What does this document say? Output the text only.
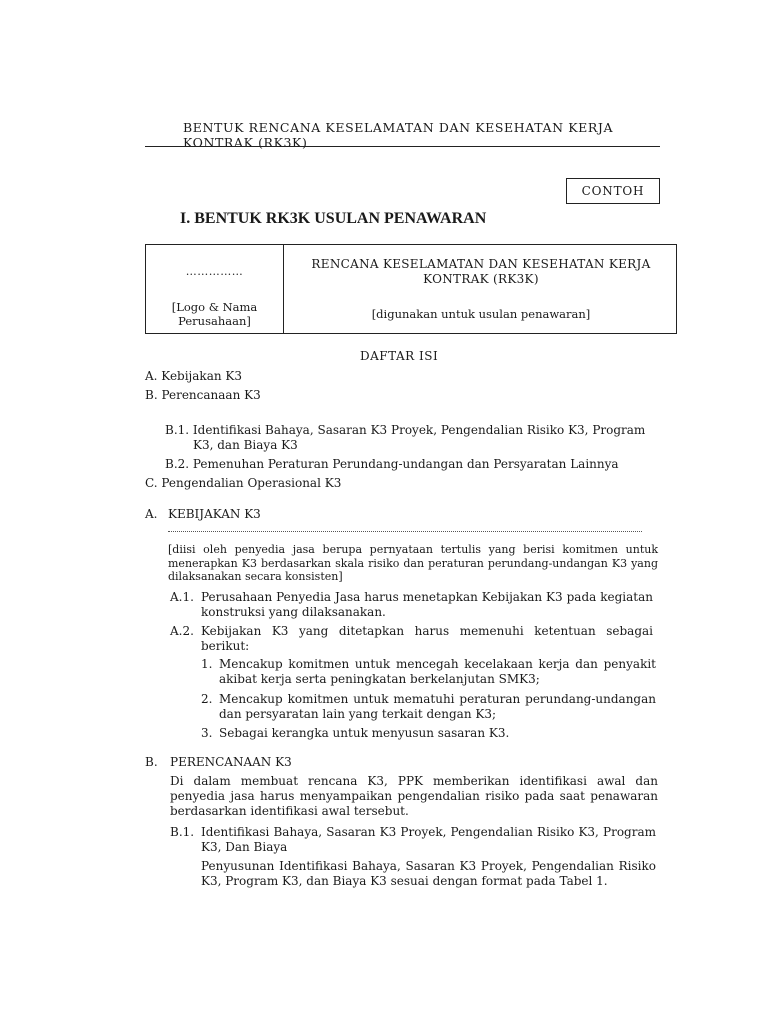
BENTUK RENCANA KESELAMATAN DAN KESEHATAN KERJA KONTRAK (RK3K)
CONTOH
I. BENTUK RK3K USULAN PENAWARAN
……………
[Logo & Nama
Perusahaan]
RENCANA KESELAMATAN DAN KESEHATAN KERJA KONTRAK (RK3K)
[digunakan untuk usulan penawaran]
DAFTAR ISI
A. Kebijakan K3
B. Perencanaan K3
B.1. Identifikasi Bahaya, Sasaran K3 Proyek, Pengendalian Risiko K3, Program
K3, dan Biaya K3
B.2. Pemenuhan Peraturan Perundang-undangan dan Persyaratan Lainnya
C. Pengendalian Operasional K3
A. KEBIJAKAN K3
[diisi oleh penyedia jasa berupa pernyataan tertulis yang berisi komitmen untuk menerapkan K3 berdasarkan skala risiko dan peraturan perundang-undangan K3 yang dilaksanakan secara konsisten]
A.1. Perusahaan Penyedia Jasa harus menetapkan Kebijakan K3 pada kegiatan konstruksi yang dilaksanakan.
A.2. Kebijakan K3 yang ditetapkan harus memenuhi ketentuan sebagai berikut:
1. Mencakup komitmen untuk mencegah kecelakaan kerja dan penyakit akibat kerja serta peningkatan berkelanjutan SMK3;
2. Mencakup komitmen untuk mematuhi peraturan perundang-undangan dan persyaratan lain yang terkait dengan K3;
3. Sebagai kerangka untuk menyusun sasaran K3.
B. PERENCANAAN K3
Di dalam membuat rencana K3, PPK memberikan identifikasi awal dan penyedia jasa harus menyampaikan pengendalian risiko pada saat penawaran berdasarkan identifikasi awal tersebut.
B.1. Identifikasi Bahaya, Sasaran K3 Proyek, Pengendalian Risiko K3, Program K3, Dan Biaya
Penyusunan Identifikasi Bahaya, Sasaran K3 Proyek, Pengendalian Risiko K3, Program K3, dan Biaya K3 sesuai dengan format pada Tabel 1.
